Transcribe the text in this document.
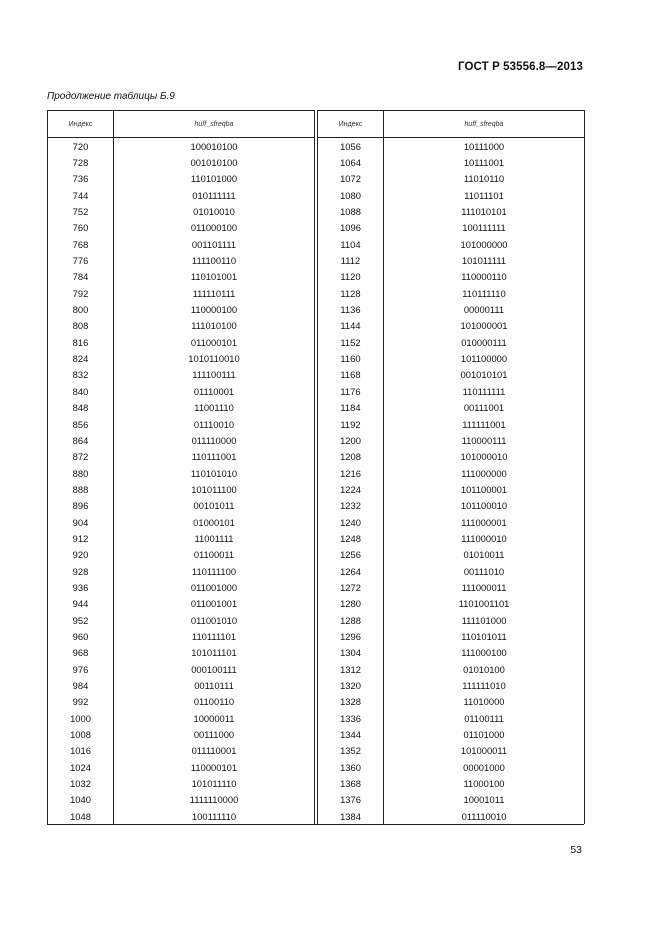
ГОСТ Р 53556.8—2013
Продолжение таблицы Б.9
Индекс	huff_sfreqba		Индекс	huff_sfreqba
720	100010100		1056	10111000
728	001010100		1064	10111001
736	110101000		1072	11010110
744	010111111		1080	11011101
752	01010010		1088	111010101
760	011000100		1096	100111111
768	001101111		1104	101000000
776	111100110		1112	101011111
784	110101001		1120	110000110
792	111110111		1128	110111110
800	110000100		1136	00000111
808	111010100		1144	101000001
816	011000101		1152	010000111
824	1010110010		1160	101100000
832	111100111		1168	001010101
840	01110001		1176	110111111
848	11001110		1184	00111001
856	01110010		1192	111111001
864	011110000		1200	110000111
872	110111001		1208	101000010
880	110101010		1216	111000000
888	101011100		1224	101100001
896	00101011		1232	101100010
904	01000101		1240	111000001
912	11001111		1248	111000010
920	01100011		1256	01010011
928	110111100		1264	00111010
936	011001000		1272	111000011
944	011001001		1280	1101001101
952	011001010		1288	111101000
960	110111101		1296	110101011
968	101011101		1304	111000100
976	000100111		1312	01010100
984	00110111		1320	111111010
992	01100110		1328	11010000
1000	10000011		1336	01100111
1008	00111000		1344	01101000
1016	011110001		1352	101000011
1024	110000101		1360	00001000
1032	101011110		1368	11000100
1040	1111110000		1376	10001011
1048	100111110		1384	011110010
53
